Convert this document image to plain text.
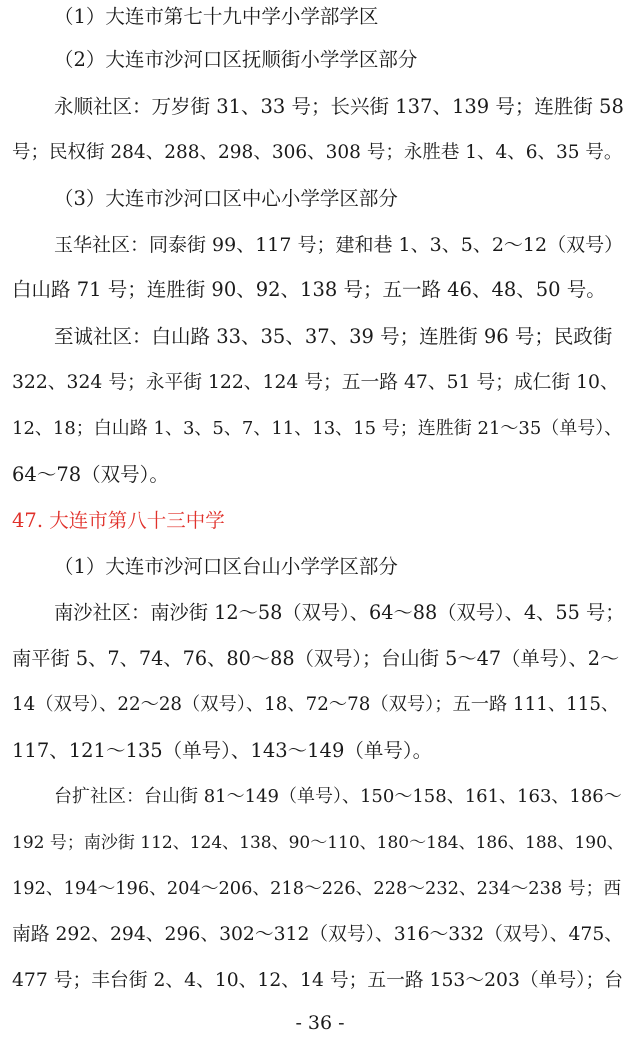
（1）大连市第七十九中学小学部学区
（2）大连市沙河口区抚顺街小学学区部分
永顺社区：万岁街 31、33 号；长兴街 137、139 号；连胜街 58
号；民权街 284、288、298、306、308 号；永胜巷 1、4、6、35 号。
（3）大连市沙河口区中心小学学区部分
玉华社区：同泰街 99、117 号；建和巷 1、3、5、2～12（双号）
白山路 71 号；连胜街 90、92、138 号；五一路 46、48、50 号。
至诚社区：白山路 33、35、37、39 号；连胜街 96 号；民政街
322、324 号；永平街 122、124 号；五一路 47、51 号；成仁街 10、
12、18；白山路 1、3、5、7、11、13、15 号；连胜街 21～35（单号）、
64～78（双号）。
47. 大连市第八十三中学
（1）大连市沙河口区台山小学学区部分
南沙社区：南沙街 12～58（双号）、64～88（双号）、4、55 号；
南平街 5、7、74、76、80～88（双号）；台山街 5～47（单号）、2～
14（双号）、22～28（双号）、18、72～78（双号）；五一路 111、115、
117、121～135（单号）、143～149（单号）。
台扩社区：台山街 81～149（单号）、150～158、161、163、186～
192 号；南沙街 112、124、138、90～110、180～184、186、188、190、
192、194～196、204～206、218～226、228～232、234～238 号；西
南路 292、294、296、302～312（双号）、316～332（双号）、475、
477 号；丰台街 2、4、10、12、14 号；五一路 153～203（单号）；台
- 36 -
